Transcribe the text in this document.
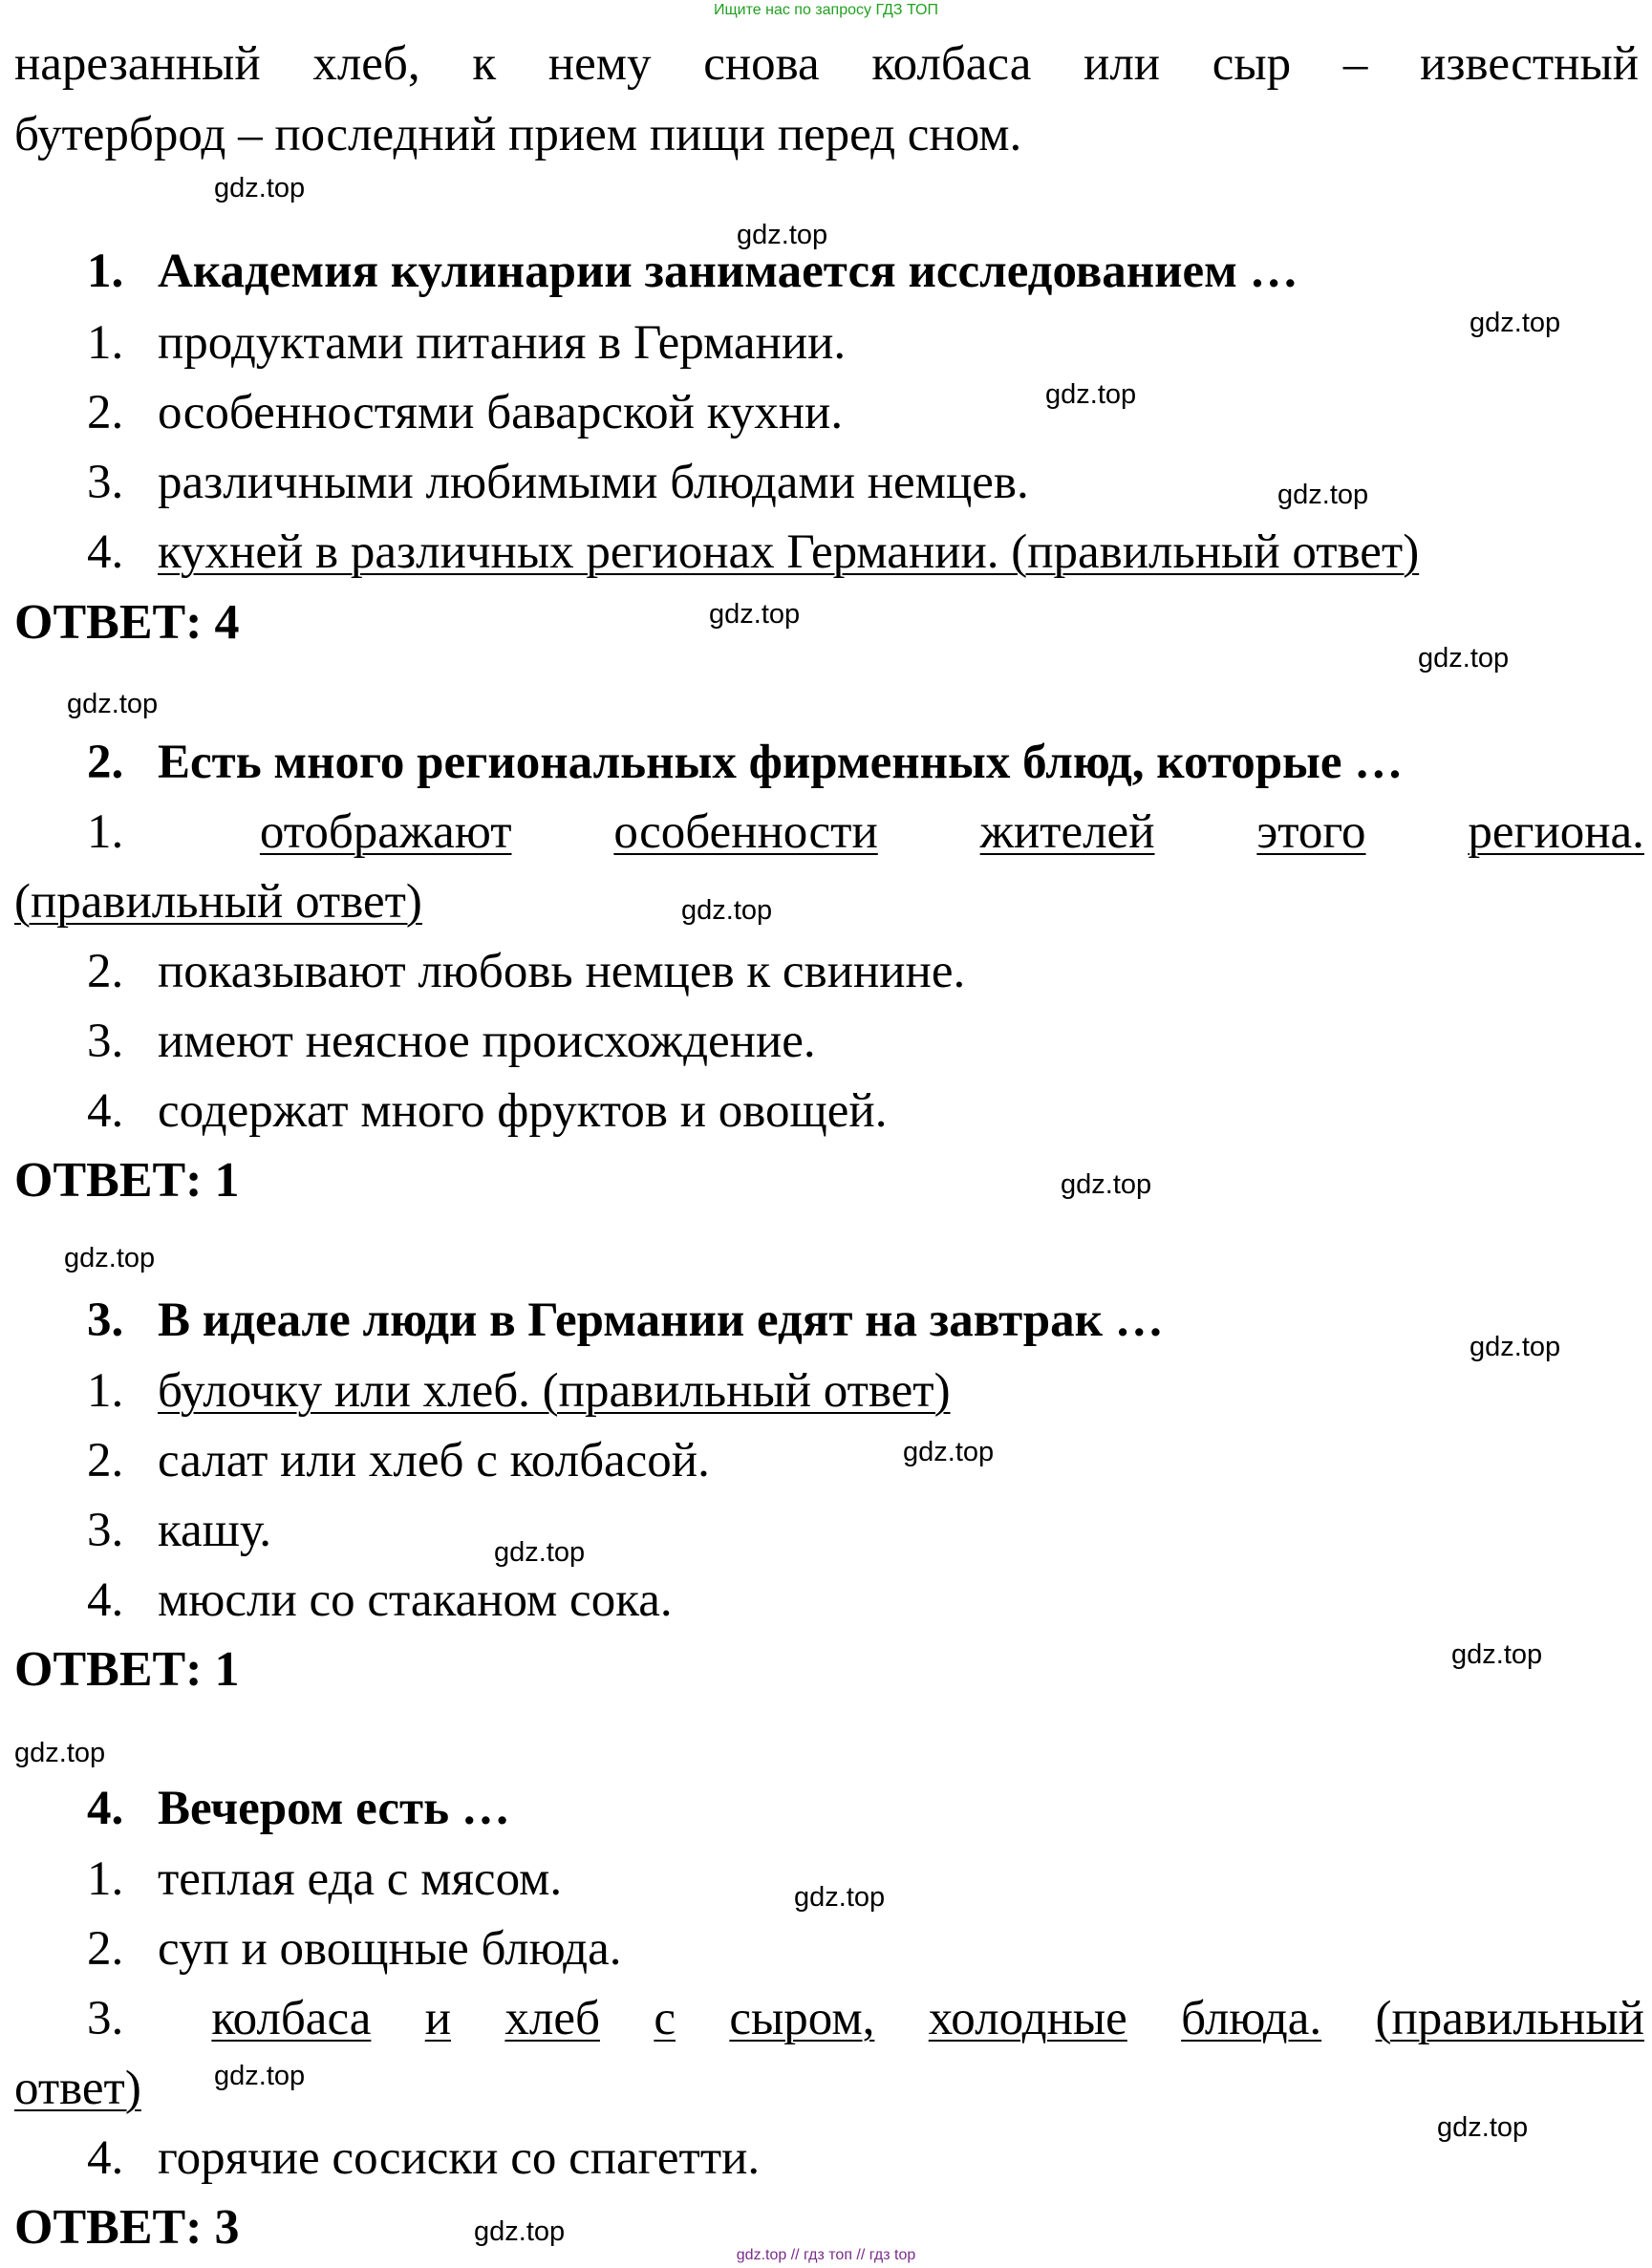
Ищите нас по запросу ГДЗ ТОП
нарезанный хлеб, к нему снова колбаса или сыр – известный
бутерброд – последний прием пищи перед сном.
1. Академия кулинарии занимается исследованием …
1. продуктами питания в Германии.
2. особенностями баварской кухни.
3. различными любимыми блюдами немцев.
4. кухней в различных регионах Германии. (правильный ответ)
ОТВЕТ: 4
2. Есть много региональных фирменных блюд, которые …
1.	отображают особенности жителей этого региона.
(правильный ответ)
2. показывают любовь немцев к свинине.
3. имеют неясное происхождение.
4. содержат много фруктов и овощей.
ОТВЕТ: 1
3. В идеале люди в Германии едят на завтрак …
1. булочку или хлеб. (правильный ответ)
2. салат или хлеб с колбасой.
3. кашу.
4. мюсли со стаканом сока.
ОТВЕТ: 1
4. Вечером есть …
1. теплая еда с мясом.
2. суп и овощные блюда.
3.	колбаса и хлеб с сыром, холодные блюда. (правильный
ответ)
4. горячие сосиски со спагетти.
ОТВЕТ: 3
gdz.top
gdz.top
gdz.top
gdz.top
gdz.top
gdz.top
gdz.top
gdz.top
gdz.top
gdz.top
gdz.top
gdz.top
gdz.top
gdz.top
gdz.top
gdz.top
gdz.top
gdz.top
gdz.top
gdz.top
gdz.top // гдз топ // гдз top
